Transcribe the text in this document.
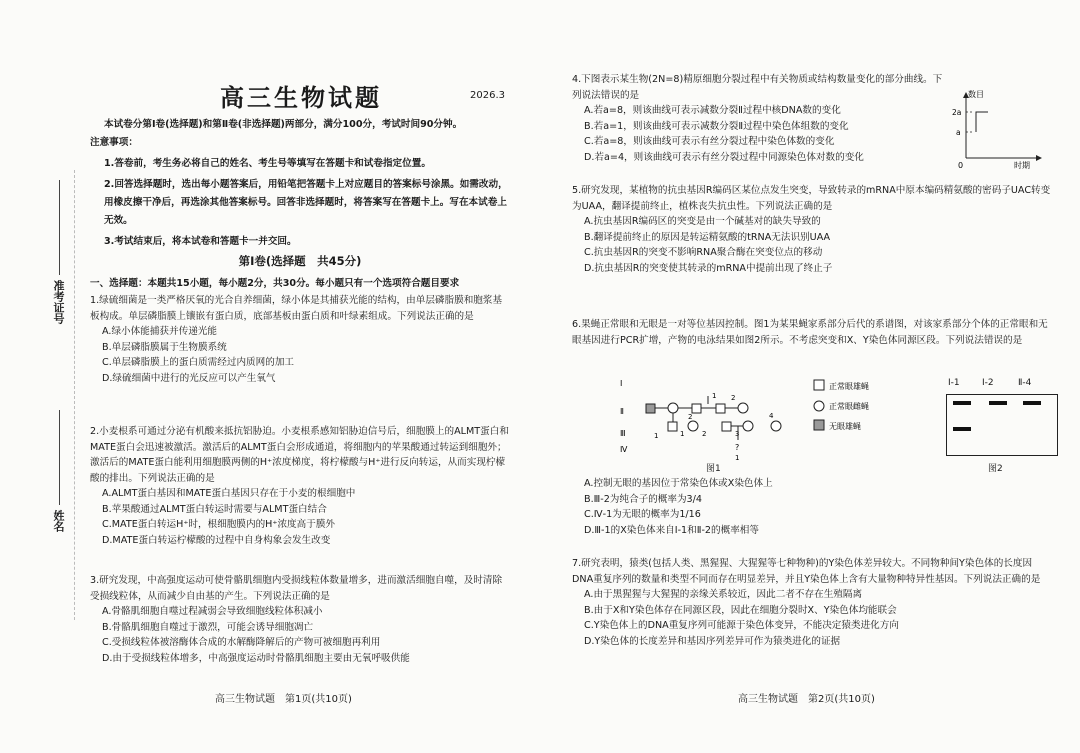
准考证号
姓名
高三生物试题	2026.3

本试卷分第Ⅰ卷(选择题)和第Ⅱ卷(非选择题)两部分，满分100分，考试时间90分钟。

注意事项：

1.答卷前，考生务必将自己的姓名、考生号等填写在答题卡和试卷指定位置。

2.回答选择题时，选出每小题答案后，用铅笔把答题卡上对应题目的答案标号涂黑。如需改动，用橡皮擦干净后，再选涂其他答案标号。回答非选择题时，将答案写在答题卡上。写在本试卷上无效。

3.考试结束后，将本试卷和答题卡一并交回。

第Ⅰ卷(选择题　共45分)
一、选择题：本题共15小题，每小题2分，共30分。每小题只有一个选项符合题目要求

1.绿硫细菌是一类严格厌氧的光合自养细菌，绿小体是其捕获光能的结构，由单层磷脂膜和胞浆基板构成。单层磷脂膜上镶嵌有蛋白质，底部基板由蛋白质和叶绿素组成。下列说法正确的是

A.绿小体能捕获并传递光能

B.单层磷脂膜属于生物膜系统

C.单层磷脂膜上的蛋白质需经过内质网的加工

D.绿硫细菌中进行的光反应可以产生氧气

2.小麦根系可通过分泌有机酸来抵抗铝胁迫。小麦根系感知铝胁迫信号后，细胞膜上的ALMT蛋白和MATE蛋白会迅速被激活。激活后的ALMT蛋白会形成通道，将细胞内的苹果酸通过转运到细胞外；激活后的MATE蛋白能利用细胞膜两侧的H⁺浓度梯度，将柠檬酸与H⁺进行反向转运，从而实现柠檬酸的排出。下列说法正确的是

A.ALMT蛋白基因和MATE蛋白基因只存在于小麦的根细胞中

B.苹果酸通过ALMT蛋白转运时需要与ALMT蛋白结合

C.MATE蛋白转运H⁺时，根细胞膜内的H⁺浓度高于膜外

D.MATE蛋白转运柠檬酸的过程中自身构象会发生改变

3.研究发现，中高强度运动可使骨骼肌细胞内受损线粒体数量增多，进而激活细胞自噬，及时清除受损线粒体，从而减少自由基的产生。下列说法正确的是

A.骨骼肌细胞自噬过程减弱会导致细胞线粒体积减小

B.骨骼肌细胞自噬过于激烈，可能会诱导细胞凋亡

C.受损线粒体被溶酶体合成的水解酶降解后的产物可被细胞再利用

D.由于受损线粒体增多，中高强度运动时骨骼肌细胞主要由无氧呼吸供能

高三生物试题　第1页(共10页)

4.下图表示某生物(2N=8)精原细胞分裂过程中有关物质或结构数量变化的部分曲线。下列说法错误的是

A.若a=8，则该曲线可表示减数分裂Ⅱ过程中核DNA数的变化

B.若a=1，则该曲线可表示减数分裂Ⅱ过程中染色体组数的变化

C.若a=8，则该曲线可表示有丝分裂过程中染色体数的变化

D.若a=4，则该曲线可表示有丝分裂过程中同源染色体对数的变化

5.研究发现，某植物的抗虫基因R编码区某位点发生突变，导致转录的mRNA中原本编码精氨酸的密码子UAC转变为UAA，翻译提前终止，植株丧失抗虫性。下列说法正确的是

A.抗虫基因R编码区的突变是由一个碱基对的缺失导致的

B.翻译提前终止的原因是转运精氨酸的tRNA无法识别UAA

C.抗虫基因R的突变不影响RNA聚合酶在突变位点的移动

D.抗虫基因R的突变使其转录的mRNA中提前出现了终止子

6.果蝇正常眼和无眼是一对等位基因控制。图1为某果蝇家系部分后代的系谱图，对该家系部分个体的正常眼和无眼基因进行PCR扩增，产物的电泳结果如图2所示。不考虑突变和X、Y染色体同源区段。下列说法错误的是

A.控制无眼的基因位于常染色体或X染色体上

B.Ⅲ-2为纯合子的概率为3/4

C.Ⅳ-1为无眼的概率为1/16

D.Ⅲ-1的X染色体来自Ⅰ-1和Ⅱ-2的概率相等

7.研究表明，猿类(包括人类、黑猩猩、大猩猩等七种物种)的Y染色体差异较大。不同物种间Y染色体的长度因DNA重复序列的数量和类型不同而存在明显差异，并且Y染色体上含有大量物种特异性基因。下列说法正确的是

A.由于黑猩猩与大猩猩的亲缘关系较近，因此二者不存在生殖隔离

B.由于X和Y染色体存在同源区段，因此在细胞分裂时X、Y染色体均能联会

C.Y染色体上的DNA重复序列可能源于染色体变异，不能决定猿类进化方向

D.Y染色体的长度差异和基因序列差异可作为猿类进化的证据

数目
2a
a
0	时期
Ⅰ
Ⅱ
Ⅲ
Ⅳ
1 2
1	2	3
4
1
2
?
1
正常眼雄蝇
正常眼雌蝇
无眼雄蝇
图1
Ⅰ-1 Ⅰ-2	Ⅱ-4
图2
高三生物试题　第2页(共10页)
